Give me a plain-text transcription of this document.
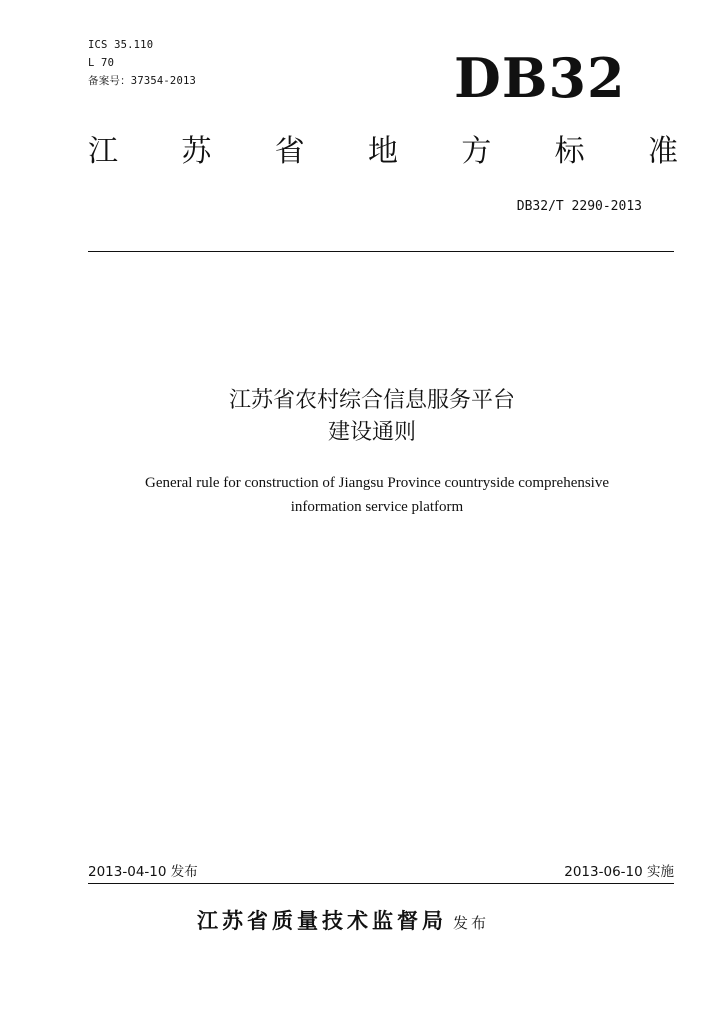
ICS 35.110
L 70
备案号：37354-2013	DB32
江 苏 省 地 方 标 准
DB32/T 2290-2013
江苏省农村综合信息服务平台
建设通则
General rule for construction of Jiangsu Province countryside comprehensive
information service platform
2013-04-10 发布	2013-06-10 实施
江苏省质量技术监督局 发布
